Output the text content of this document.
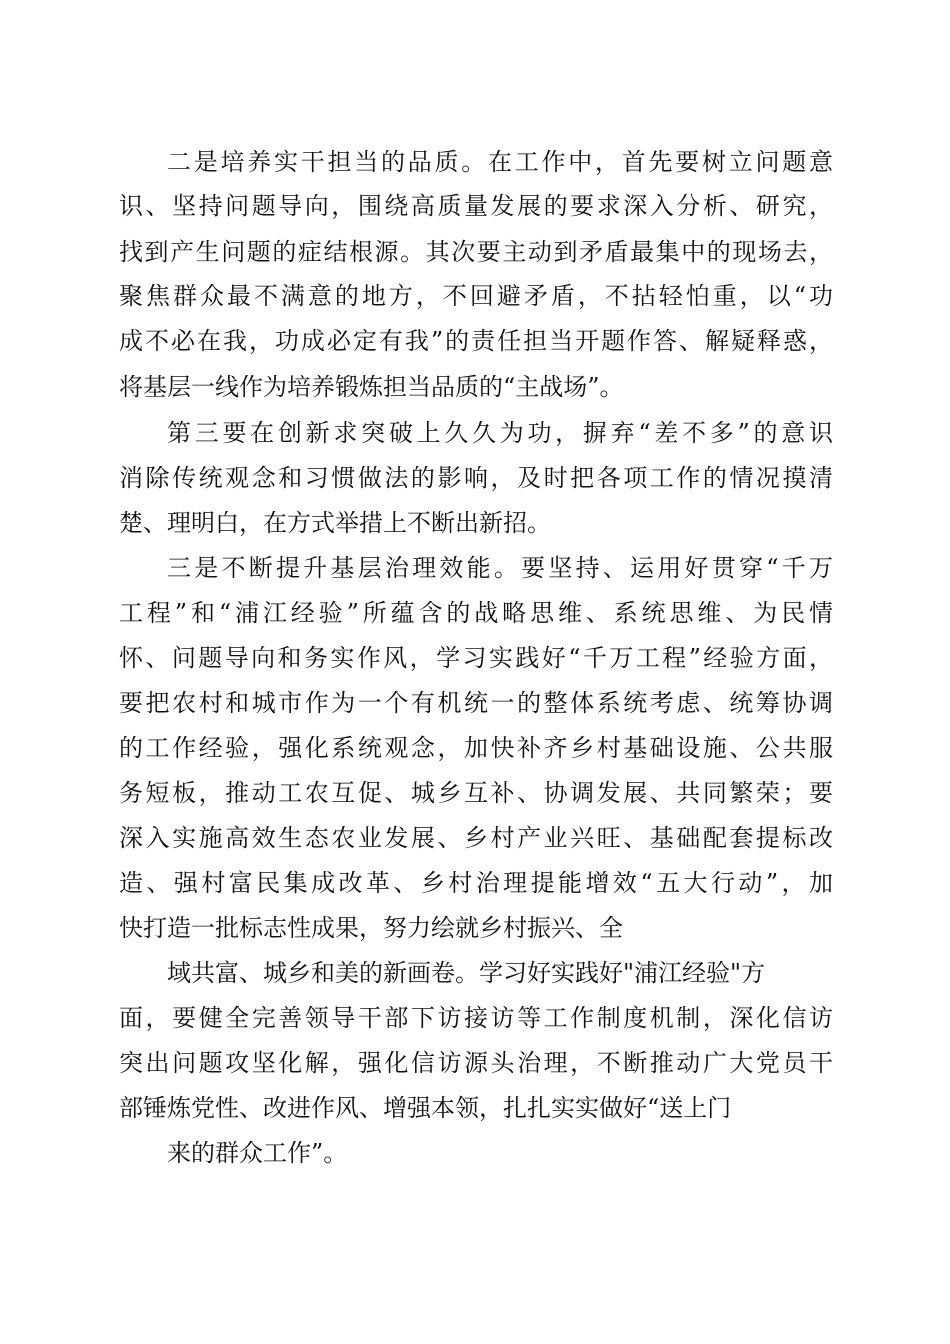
二是培养实干担当的品质。在工作中，首先要树立问题意

识、坚持问题导向，围绕高质量发展的要求深入分析、研究，

找到产生问题的症结根源。其次要主动到矛盾最集中的现场去，

聚焦群众最不满意的地方，不回避矛盾，不拈轻怕重，以“功

成不必在我，功成必定有我”的责任担当开题作答、解疑释惑，

将基层一线作为培养锻炼担当品质的“主战场”。

第三要在创新求突破上久久为功，摒弃“差不多”的意识

消除传统观念和习惯做法的影响，及时把各项工作的情况摸清

楚、理明白，在方式举措上不断出新招。

三是不断提升基层治理效能。要坚持、运用好贯穿“千万

工程”和“浦江经验”所蕴含的战略思维、系统思维、为民情

怀、问题导向和务实作风，学习实践好“千万工程”经验方面，

要把农村和城市作为一个有机统一的整体系统考虑、统筹协调

的工作经验，强化系统观念，加快补齐乡村基础设施、公共服

务短板，推动工农互促、城乡互补、协调发展、共同繁荣；要

深入实施高效生态农业发展、乡村产业兴旺、基础配套提标改

造、强村富民集成改革、乡村治理提能增效“五大行动”，加

快打造一批标志性成果，努力绘就乡村振兴、全

域共富、城乡和美的新画卷。学习好实践好"浦江经验"方

面，要健全完善领导干部下访接访等工作制度机制，深化信访

突出问题攻坚化解，强化信访源头治理，不断推动广大党员干

部锤炼党性、改进作风、增强本领，扎扎实实做好“送上门

来的群众工作”。
